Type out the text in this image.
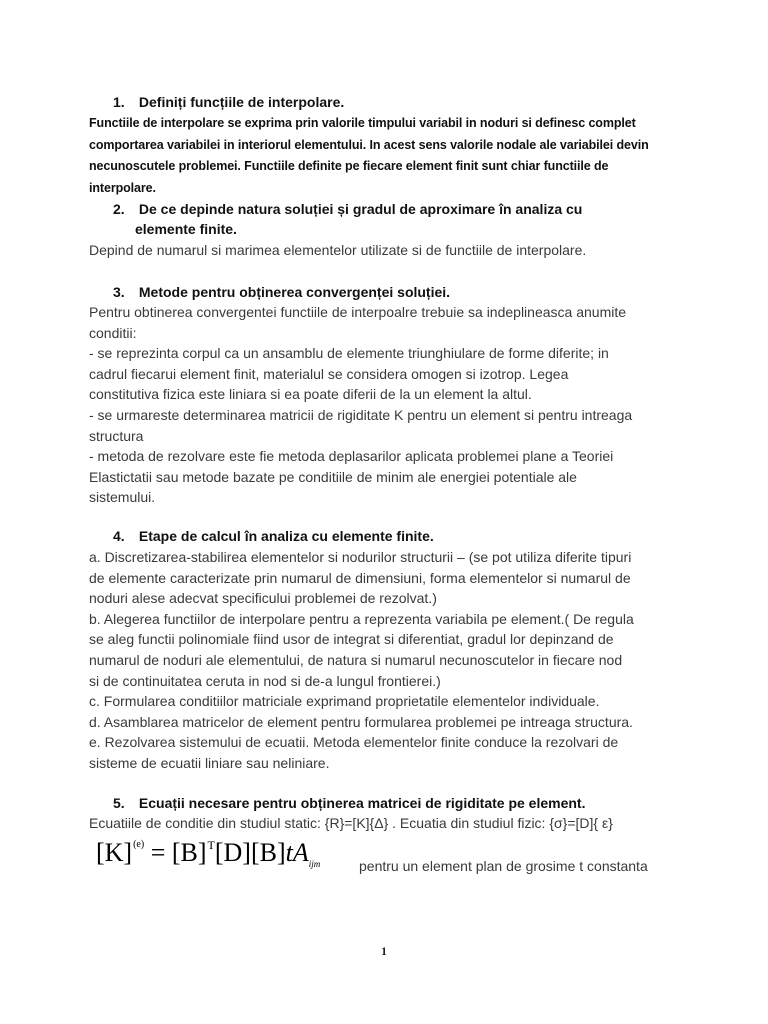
1. Definiți funcțiile de interpolare.
Functiile de interpolare se exprima prin valorile timpului variabil in noduri si definesc complet
comportarea variabilei in interiorul elementului. In acest sens valorile nodale ale variabilei devin
necunoscutele problemei. Functiile definite pe fiecare element finit sunt chiar functiile de
interpolare.
2. De ce depinde natura soluției și gradul de aproximare în analiza cu
elemente finite.
Depind de numarul si marimea elementelor utilizate si de functiile de interpolare.
3. Metode pentru obținerea convergenței soluției.
Pentru obtinerea convergentei functiile de interpoalre trebuie sa indeplineasca anumite
conditii:
- se reprezinta corpul ca un ansamblu de elemente triunghiulare de forme diferite; in
cadrul fiecarui element finit, materialul se considera omogen si izotrop. Legea
constitutiva fizica este liniara si ea poate diferii de la un element la altul.
- se urmareste determinarea matricii de rigiditate K pentru un element si pentru intreaga
structura
- metoda de rezolvare este fie metoda deplasarilor aplicata problemei plane a Teoriei
Elastictatii sau metode bazate pe conditiile de minim ale energiei potentiale ale
sistemului.
4. Etape de calcul în analiza cu elemente finite.
a. Discretizarea-stabilirea elementelor si nodurilor structurii – (se pot utiliza diferite tipuri
de elemente caracterizate prin numarul de dimensiuni, forma elementelor si numarul de
noduri alese adecvat specificului problemei de rezolvat.)
b. Alegerea functiilor de interpolare pentru a reprezenta variabila pe element.( De regula
se aleg functii polinomiale fiind usor de integrat si diferentiat, gradul lor depinzand de
numarul de noduri ale elementului, de natura si numarul necunoscutelor in fiecare nod
si de continuitatea ceruta in nod si de-a lungul frontierei.)
c. Formularea conditiilor matriciale exprimand proprietatile elementelor individuale.
d. Asamblarea matricelor de element pentru formularea problemei pe intreaga structura.
e. Rezolvarea sistemului de ecuatii. Metoda elementelor finite conduce la rezolvari de
sisteme de ecuatii liniare sau neliniare.
5. Ecuații necesare pentru obținerea matricei de rigiditate pe element.
Ecuatiile de conditie din studiul static: {R}=[K]{Δ} . Ecuatia din studiul fizic: {σ}=[D]{ ε}
$[K]^{(e)} = [B]^T[D][B]tA_{ijm}$	pentru un element plan de grosime t constanta
1
